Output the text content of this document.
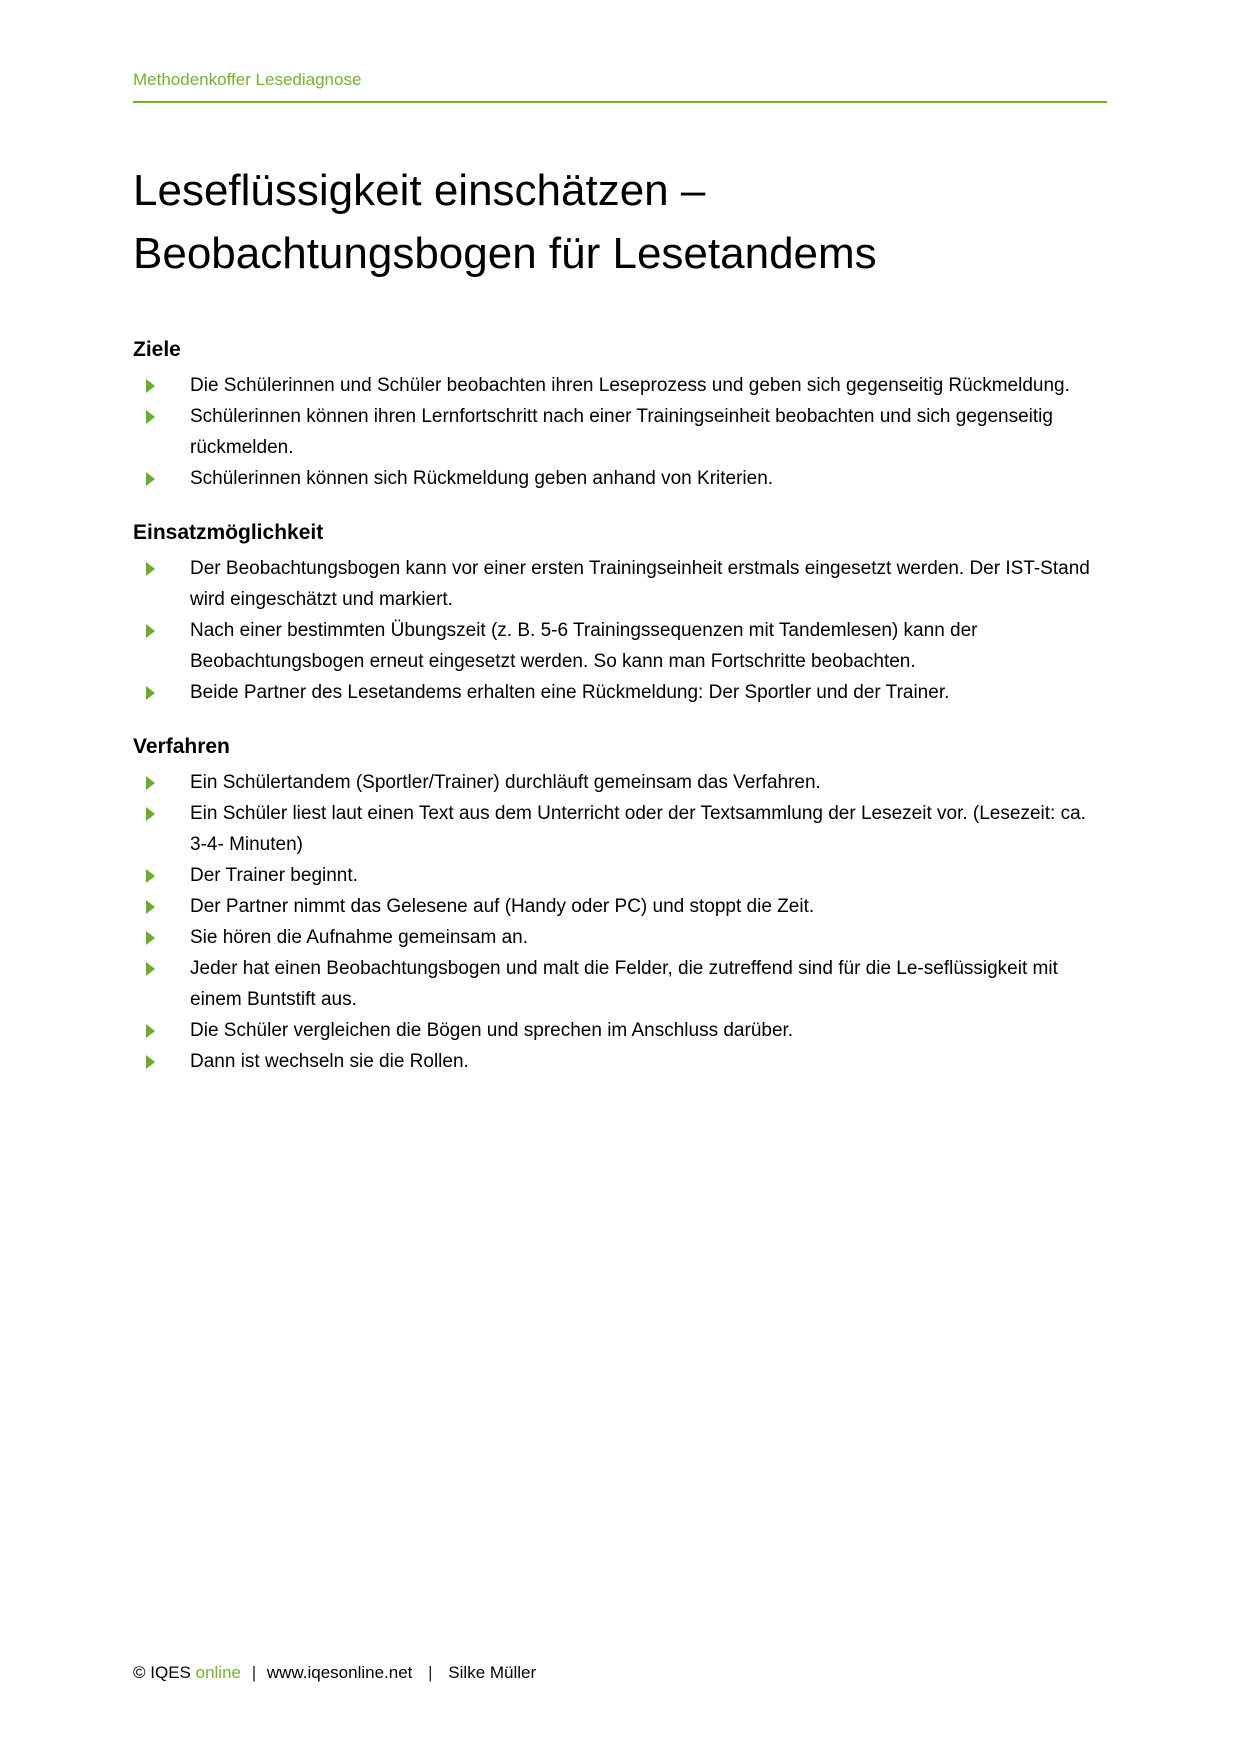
Methodenkoffer Lesediagnose
Leseflüssigkeit einschätzen –
Beobachtungsbogen für Lesetandems
Ziele
Die Schülerinnen und Schüler beobachten ihren Leseprozess und geben sich gegenseitig Rückmeldung.
Schülerinnen können ihren Lernfortschritt nach einer Trainingseinheit beobachten und sich gegenseitig rückmelden.
Schülerinnen können sich Rückmeldung geben anhand von Kriterien.
Einsatzmöglichkeit
Der Beobachtungsbogen kann vor einer ersten Trainingseinheit erstmals eingesetzt werden. Der IST-Stand wird eingeschätzt und markiert.
Nach einer bestimmten Übungszeit (z. B. 5-6 Trainingssequenzen mit Tandemlesen) kann der Beobachtungsbogen erneut eingesetzt werden. So kann man Fortschritte beobachten.
Beide Partner des Lesetandems erhalten eine Rückmeldung: Der Sportler und der Trainer.
Verfahren
Ein Schülertandem (Sportler/Trainer) durchläuft gemeinsam das Verfahren.
Ein Schüler liest laut einen Text aus dem Unterricht oder der Textsammlung der Lesezeit vor. (Lesezeit: ca. 3-4- Minuten)
Der Trainer beginnt.
Der Partner nimmt das Gelesene auf (Handy oder PC) und stoppt die Zeit.
Sie hören die Aufnahme gemeinsam an.
Jeder hat einen Beobachtungsbogen und malt die Felder, die zutreffend sind für die Le-seflüssigkeit mit einem Buntstift aus.
Die Schüler vergleichen die Bögen und sprechen im Anschluss darüber.
Dann ist wechseln sie die Rollen.
© IQES online | www.iqesonline.net | Silke Müller
